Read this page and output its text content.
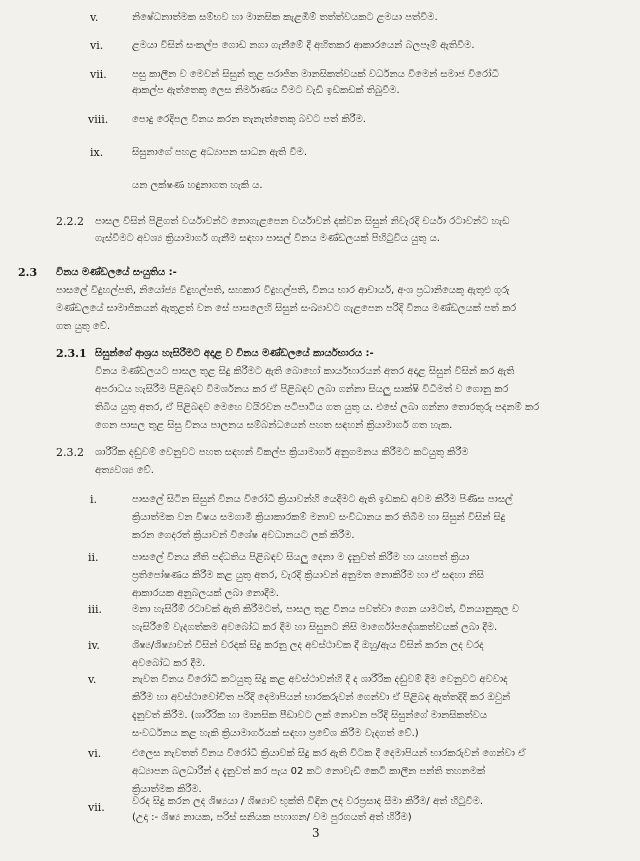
v.	නිෂේධනාත්මක සම්භව හා මානසික කැළඹීම් තත්ත්වයකට ළමයා පත්වීම.
vi.	ළමයා විසින් සංකල්ප ගොඩ නගා ගැනීමේ දී අහිතකර ආකාරයෙන් බලපෑම් ඇතිවීම.
vii.	පසු කාලීන ව මෙවන් සිසුන් තුළ පරාජිත මානසිකත්වයක් වර්ධනය වීමෙන් සමාජ විරෝධී
ආකල්ප ඇත්තෙකු ලෙස නිර්මාණය වීමට වැඩි ඉඩකඩක් තිබුවීම.
viii. පොදු රෙදිපල විනය කරන තැනැත්තෙකු බවට පත් කිරීම.
ix.	සිසුනාගේ පහළ අධ්‍යාපන සාධන ඇති වීම.
යන ලක්ෂණ හඳුනාගත හැකි ය.
2.2.2 පාසල විසින් පිළිගත් වර්යාවන්ට නොගැළපෙන වර්යාවන් දක්වන සිසුන් නිවැරදි චර්යා රටාවන්ට හැඩ
ගැස්වීමට අවශ්‍ය ක්‍රියාමාර්ග ගැනීම සඳහා පාසල් විනය මණ්ඩලයක් පිහිටුවිය යුතු ය.
2.3 විනය මණ්ඩලයේ සංයුතිය :-
පාසලේ විදුහල්පති, නියෝජ්‍ය විදුහල්පති, සහකාර විදුහල්පති, විනය භාර ආචාර්ය, අංශ ප්‍රධානියෙකු ඇතුළු ගුරු
මණ්ඩලයේ සාමාජිකයන් ඇතුළත් වන සේ පාසලෙහි සිසුන් සංඛ්‍යාවට ගැළපෙන පරිදි විනය මණ්ඩලයක් පත් කර
ගත යුතු වේ.
2.3.1 සිසුන්ගේ ආශ්‍රය හැසිරීමට අදාළ ව විනය මණ්ඩලයේ කාර්යභාරය :-
විනය මණ්ඩලයට පාසල තුළ සිදු කිරීමට ඇති බොහෝ කාර්යභාරයන් අතර අදාළ සිසුන් විසින් කර ඇති
අපරාධය හැසිරීම පිළිබඳව විමර්ශනය කර ඒ පිළිබඳව ලබා ගන්නා සියලු සාක්ෂි විධිමත් ව ගොනු කර
තිබිය යුතු අතර, ඒ පිළිබඳව මෙහෙ වයිරවන පටිපාටිය ගත යුතු ය. එසේ ලබා ගන්නා තොරතුරු පදනම් කර
ගෙන පාසල තුළ සිසු විනය පාලනය සම්බන්ධයෙන් පහත සඳහන් ක්‍රියාමාර්ග ගත හැක.
2.3.2 ශාරීරික දඬුවම් වෙනුවට පහත සඳහන් විකල්ප ක්‍රියාමාර්ග අනුගමනය කිරීමට කටයුතු කිරීම
අත්‍යවශ්‍ය වේ.
i.	පාසලේ සිටින සිසුන් විනය විරෝධී ක්‍රියාවන්හි යෙදීමට ඇති ඉඩකඩ අවම කිරීම පිණිස පාසල්
ක්‍රියාත්මක වන විෂය සමගාමී ක්‍රියාකාරකම් මනාව සංවිධානය කර තිබීම හා සිසුන් විසින් සිදු
කරන ගෙදරත් ක්‍රියාවන් විශේෂ අවධානයට ලක් කිරීම.
ii.	පාසලේ විනය නීති පද්ධතිය පිළිබඳව සියලු දෙනා ම දැනුවත් කිරීම හා යහපත් ක්‍රියා
ප්‍රතිපෝෂණය කිරීම කළ යුතු අතර, වැරදි ක්‍රියාවන් අනුමත නොකිරීම හා ඒ සඳහා නිසි
ආකාරයක අනුබලයක් ලබා නොදීම.
iii.	මනා හැසිරීම් රටාවක් ඇති කිරීමටත්, පාසල තුළ විනය පවත්වා ගෙන යාමටත්, විනයානුකූල ව
හැසිරීමේ වැදගත්කම අවබෝධ කර දීම හා සිසුනට නිසි මාර්ගෝපදේශකත්වයක් ලබා දීම.
iv.	ශිෂ්‍ය/ශිෂ්‍යාවන් විසින් වරදක් සිදු කරනු ලද අවස්ථාවක දී ඔහු/ඇය විසින් කරන ලද වරද
අවබෝධ කර දීම.
v.	නැවත විනය විරෝධී කටයුතු සිදු කළ අවස්ථාවන්හි දී ද ශාරීරික දඬුවම් දීම වෙනුවට අවවාද
කිරීම හා අවස්ථාවෝචිත පරිදි දෙමාපියන් භාරකරුවන් ගෙන්වා ඒ පිළිබඳ ඇත්තදිදි කර ඔවුන්
දැනුවත් කිරීම. (ශාරීරික හා මානසික පීඩාවට ලක් නොවන පරිදි සිසුන්ගේ මානසිකත්වය
සංවර්ධනය කළ හැකි ක්‍රියාමාර්ගයක් සඳහා ප්‍රවේශ කිරීම වැදගත් වේ.)
vi.	එලෙස නැවතත් විනය විරෝධී ක්‍රියාවක් සිදු කර ඇති විටක දී දෙමාපියන් භාරකරුවන් ගෙන්වා ඒ
අධ්‍යාපන බලධාරීන් ද දැනුවත් කර පැය 02 කට නොවැඩි කෙටි කාලීන පන්ති තහනමක්
ක්‍රියාත්මක කිරීම.
vii.	වරද සිදු කරන ලද ශිෂ්‍යයා / ශිෂ්‍යාව භුක්ති විඳින ලද වරප්‍රසාද සීමා කිරීම/ අත් හිටුවීම.
(උදා :- ශිෂ්‍ය නායක, පරිස් සනියක පහාගන/ වම පුරගයත් අත් හිරීම)
3
